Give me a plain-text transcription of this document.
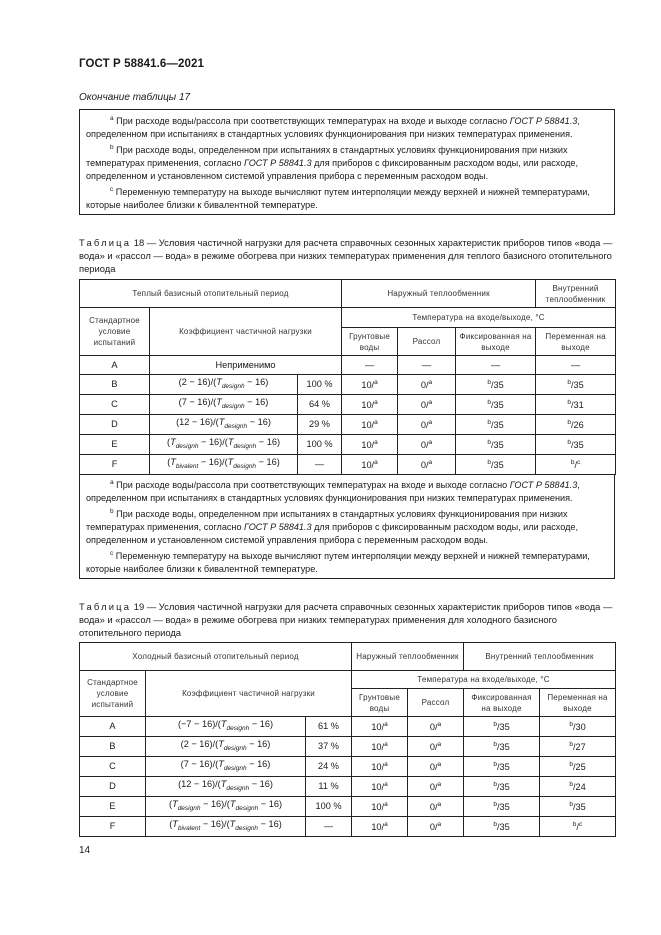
ГОСТ Р 58841.6—2021
Окончание таблицы 17

$^a$ При расходе воды/рассола при соответствующих температурах на входе и выходе согласно ГОСТ Р 58841.3, определенном при испытаниях в стандартных условиях функционирования при низких температурах применения.

$^b$ При расходе воды, определенном при испытаниях в стандартных условиях функционирования при низких температурах применения, согласно ГОСТ Р 58841.3 для приборов с фиксированным расходом воды, или расходе, определенном и установленном системой управления прибора с переменным расходом воды.

$^c$ Переменную температуру на выходе вычисляют путем интерполяции между верхней и нижней температурами, которые наиболее близки к бивалентной температуре.

Таблица 18 — Условия частичной нагрузки для расчета справочных сезонных характеристик приборов типов «вода — вода» и «рассол — вода» в режиме обогрева при низких температурах применения для теплого базисного отопительного периода
Теплый базисный отопительный период			Наружный теплообменник			Внутренний теплообменник
Стандартное условие испытаний	Коэффициент частичной нагрузки		Температура на входе/выходе, °С			
			Грунтовые воды	Рассол	Фиксированная на выходе	Переменная на выходе
А	Неприменимо		—	—	—	—
B	$(2 - 16)/(T_{designh} - 16)$	100 %	10/$^a$	0/$^a$	$^b$/35	$^b$/35
C	$(7 - 16)/(T_{designh} - 16)$	64 %	10/$^a$	0/$^a$	$^b$/35	$^b$/31
D	$(12 - 16)/(T_{designh} - 16)$	29 %	10/$^a$	0/$^a$	$^b$/35	$^b$/26
E	$(T_{designh} - 16)/(T_{designh} - 16)$	100 %	10/$^a$	0/$^a$	$^b$/35	$^b$/35
F	$(T_{bivalent} - 16)/(T_{designh} - 16)$	—	10/$^a$	0/$^a$	$^b$/35	$^b$/$^c$

$^a$ При расходе воды/рассола при соответствующих температурах на входе и выходе согласно ГОСТ Р 58841.3, определенном при испытаниях в стандартных условиях функционирования при низких температурах применения.

$^b$ При расходе воды, определенном при испытаниях в стандартных условиях функционирования при низких температурах применения, согласно ГОСТ Р 58841.3 для приборов с фиксированным расходом воды, или расходе, определенном и установленном системой управления прибора с переменным расходом воды.

$^c$ Переменную температуру на выходе вычисляют путем интерполяции между верхней и нижней температурами, которые наиболее близки к бивалентной температуре.

Таблица 19 — Условия частичной нагрузки для расчета справочных сезонных характеристик приборов типов «вода — вода» и «рассол — вода» в режиме обогрева при низких температурах применения для холодного базисного отопительного периода
Холодный базисный отопительный период			Наружный теплообменник		Внутренний теплообменник	
Стандартное условие испытаний	Коэффициент частичной нагрузки		Температура на входе/выходе, °С			
			Грунтовые воды	Рассол	Фиксированная на выходе	Переменная на выходе
A	$(-7 - 16)/(T_{designh} - 16)$	61 %	10/$^a$	0/$^a$	$^b$/35	$^b$/30
B	$(2 - 16)/(T_{designh} - 16)$	37 %	10/$^a$	0/$^a$	$^b$/35	$^b$/27
C	$(7 - 16)/(T_{designh} - 16)$	24 %	10/$^a$	0/$^a$	$^b$/35	$^b$/25
D	$(12 - 16)/(T_{designh} - 16)$	11 %	10/$^a$	0/$^a$	$^b$/35	$^b$/24
E	$(T_{designh} - 16)/(T_{designh} - 16)$	100 %	10/$^a$	0/$^a$	$^b$/35	$^b$/35
F	$(T_{bivalent} - 16)/(T_{designh} - 16)$	—	10/$^a$	0/$^a$	$^b$/35	$^b$/$^c$
14
